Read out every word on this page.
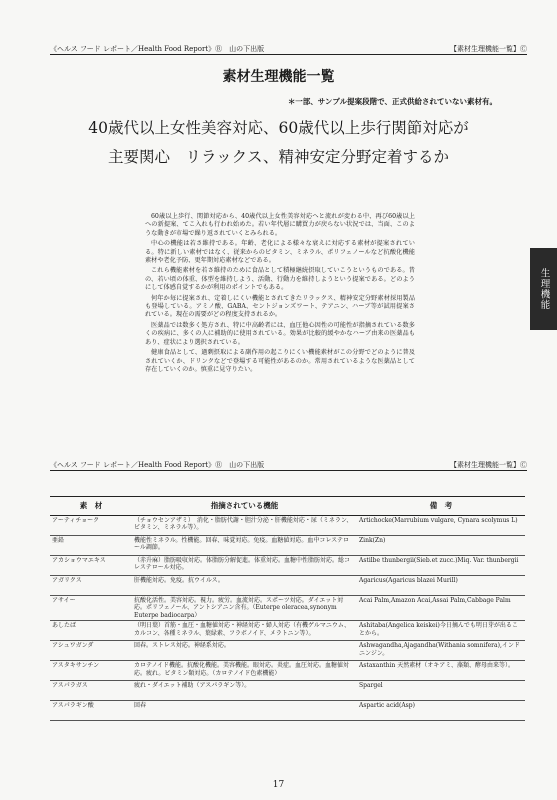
《ヘルス フード レポート／Health Food Report》Ⓡ　山の下出版	【素材生理機能一覧】Ⓒ
素材生理機能一覧
＊一部、サンプル提案段階で、正式供給されていない素材有。
40歳代以上女性美容対応、60歳代以上歩行関節対応が
主要関心　リラックス、精神安定分野定着するか
生理機能

60歳以上歩行、関節対応から、40歳代以上女性美容対応へと流れが変わる中、再び60歳以上への新提案、てこ入れも行われ始めた。若い年代層に購買力が戻らない状況では、当面、このような動きが市場で繰り返されていくとみられる。

中心の機能は若さ維持である。年齢、老化による様々な衰えに対応する素材が提案されている。特に新しい素材ではなく、従来からのビタミン、ミネラル、ポリフェノールなど抗酸化機能素材や老化予防、更年期対応素材などである。

これら機能素材を若さ維持のために食品として積極継続摂取していこうというものである。昔の、若い頃の体重、体型を維持しよう、活動、行動力を維持しようという提案である。どのようにして体感自覚するかが利用のポイントでもある。

何年か毎に提案され、定着しにくい機能とされてきたリラックス、精神安定分野素材採用製品も登場している。アミノ酸、GABA、セントジョンズワート、テアニン、ハーブ等が試用提案されている。現在の需要がどの程度支持されるか。

医薬品では数多く処方され、特に中高齢者には、血圧他心因性の可能性が指摘されている数多くの疾病に、多くの人に補助的に使用されている。効果が比較的緩やかなハーブ由来の医薬品もあり、症状により選択されている。

健康食品として、過剰摂取による副作用の起こりにくい機能素材がこの分野でどのように普及されていくか、ドリンクなどで登場する可能性があるのか。常用されているような医薬品として存在していくのか。慎重に見守りたい。

《ヘルス フード レポート／Health Food Report》Ⓡ　山の下出版	【素材生理機能一覧】Ⓒ
素　材	指摘されている機能	備　考
アーティチョーク	（チョウセンアザミ）　消化・脂肪代謝・胆汁分泌・肝機能対応・尿（ミネラン、ビタミン、ミネラル等）。	Artichocke(Marrubium vulgare, Cynara scolymus L)
亜鉛	機能性ミネラル。性機能。回春、味覚対応。免疫。血糖値対応。血中コレステロール調節。	Zink(Zn)
アカショウマエキス	（赤升麻）脂肪吸収対応。体脂肪分解促進。体重対応。血糖中性脂肪対応。総コレステロール対応。	Astilbe thunbergii(Sieb.et zucc.)Miq. Var. thunbergii
アガリクス	肝機能対応。免疫。抗ウイルス。	Agaricus(Agaricus blazei Murill)
アサイー	抗酸化活性。美容対応。視力。疲労。血流対応。スポーツ対応。ダイエット対応。ポリフェノール、アントシアニン含有。（Euterpe oleracea,synonym Euterpe badiocarpa）	Acai Palm,Amazon Acai,Assai Palm,Cabbage Palm
あしたば	（明日葉）首筋・血圧・血糖値対応・神経対応・婦人対応（有機ゲルマニウム、カルコン、各種ミネラル、葉緑素、フラボノイド、メラトニン等）。	Ashitaba(Angelica keiskei)今日摘んでも明日芽が出ることから。
アシュワガンダ	回春。ストレス対応。神経系対応。	Ashwagandha,Ajagandha(Withania somnifera),インドニンジン。
アスタキサンチン	カロテノイド機能。抗酸化機能。美容機能。眼対応。炎症。血圧対応。血糖値対応。疲れ。ビタミン類対応。（カロテノイド色素機能）	Astaxanthin 天然素材（オキアミ、藻類、酵母由来等）。
アスパラガス	疲れ・ダイエット補助（アスパラギン等）。	Spargel
アスパラギン酸	回春	Aspartic acid(Asp)
17
